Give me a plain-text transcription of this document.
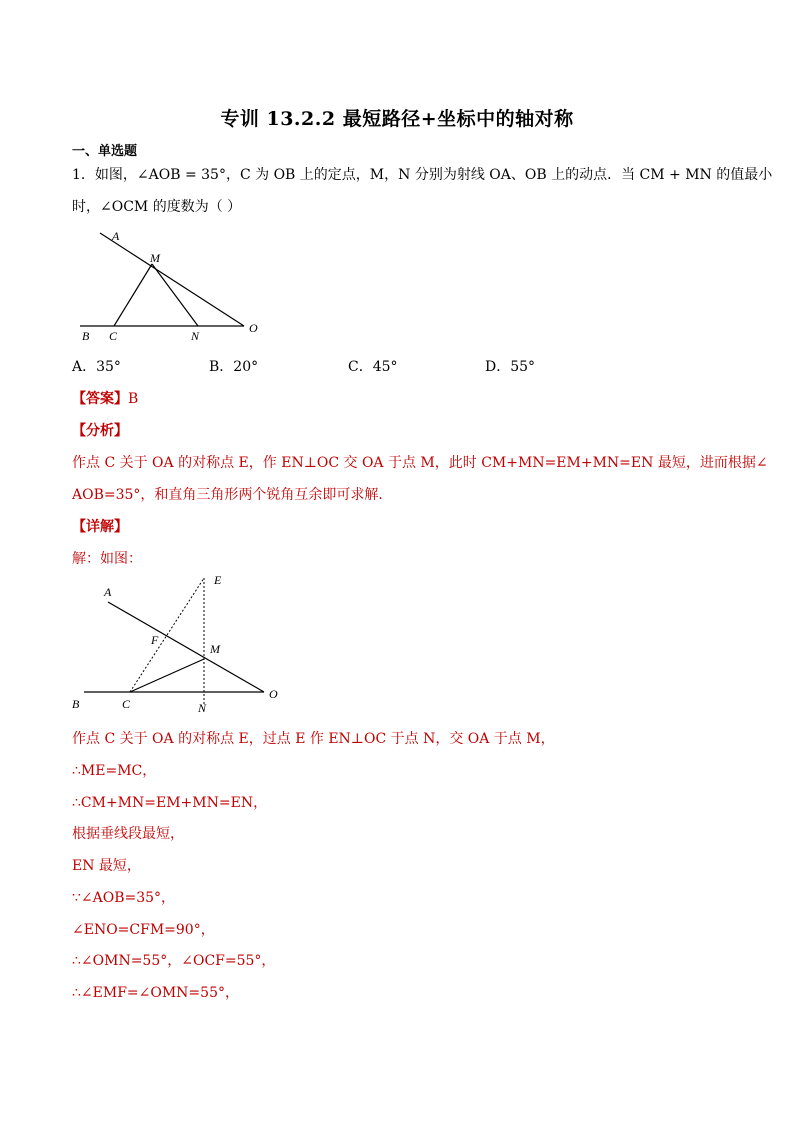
专训 13.2.2 最短路径+坐标中的轴对称
一、单选题
1．如图，∠AOB = 35°，C 为 OB 上的定点，M，N 分别为射线 OA、OB 上的动点．当 CM + MN 的值最小
时，∠OCM 的度数为（ ）
A
M
B C	N
O
A．35°	B．20°	C．45°	D．55°
【答案】B
【分析】
作点 C 关于 OA 的对称点 E，作 EN⊥OC 交 OA 于点 M，此时 CM+MN=EM+MN=EN 最短，进而根据∠
AOB=35°，和直角三角形两个锐角互余即可求解．
【详解】
解：如图：
A
E
F
M
B	C	N
O
作点 C 关于 OA 的对称点 E，过点 E 作 EN⊥OC 于点 N，交 OA 于点 M，
∴ME=MC，
∴CM+MN=EM+MN=EN，
根据垂线段最短，
EN 最短，
∵∠AOB=35°，
∠ENO=CFM=90°，
∴∠OMN=55°，∠OCF=55°，
∴∠EMF=∠OMN=55°，
